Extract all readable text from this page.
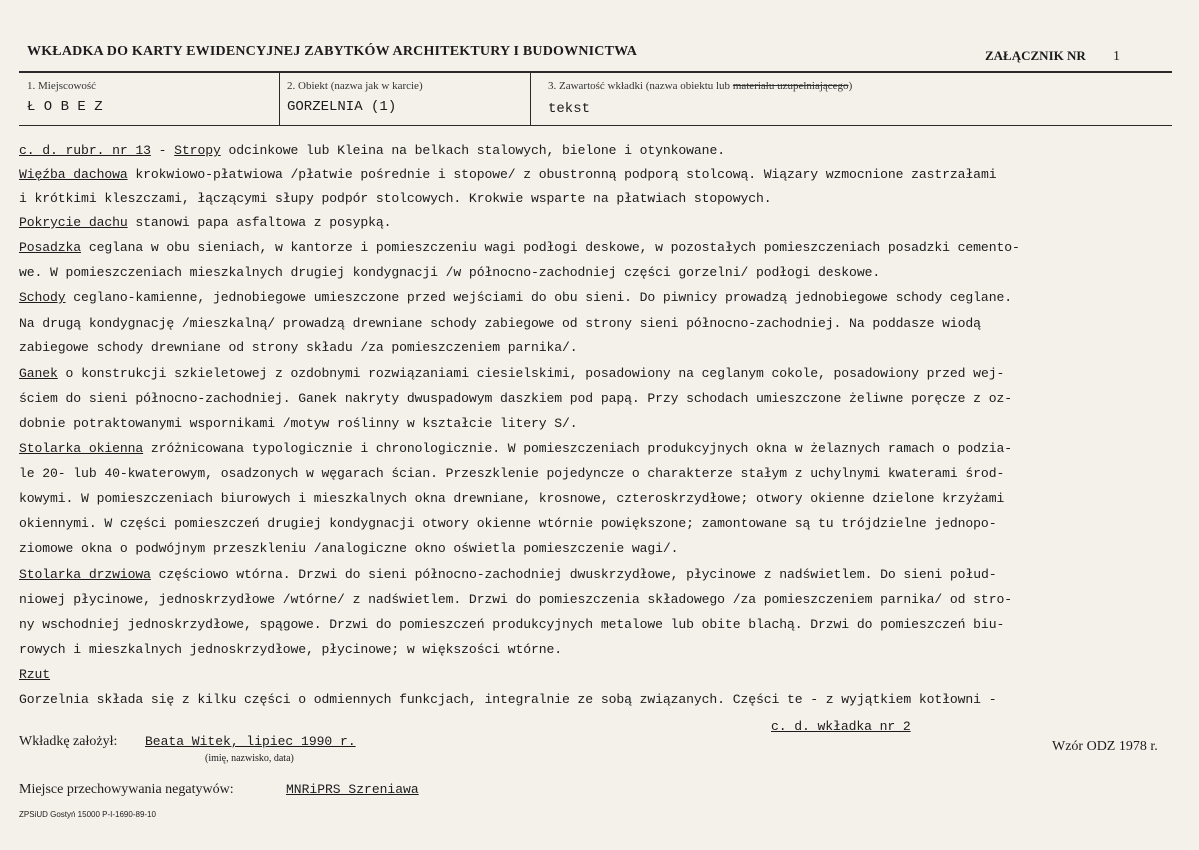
WKŁADKA DO KARTY EWIDENCYJNEJ ZABYTKÓW ARCHITEKTURY I BUDOWNICTWA	ZAŁĄCZNIK NR 1
1. Miejscowość
Ł O B E Z
2. Obiekt (nazwa jak w karcie)
GORZELNIA (1)
3. Zawartość wkładki (nazwa obiektu lub materiału uzupełniającego)
tekst
c. d. rubr. nr 13 - Stropy odcinkowe lub Kleina na belkach stalowych, bielone i otynkowane.
Więźba dachowa krokwiowo-płatwiowa /płatwie pośrednie i stopowe/ z obustronną podporą stolcową. Wiązary wzmocnione zastrzałami
i krótkimi kleszczami, łączącymi słupy podpór stolcowych. Krokwie wsparte na płatwiach stopowych.
Pokrycie dachu stanowi papa asfaltowa z posypką.
Posadzka ceglana w obu sieniach, w kantorze i pomieszczeniu wagi podłogi deskowe, w pozostałych pomieszczeniach posadzki cemento-
we. W pomieszczeniach mieszkalnych drugiej kondygnacji /w północno-zachodniej części gorzelni/ podłogi deskowe.
Schody ceglano-kamienne, jednobiegowe umieszczone przed wejściami do obu sieni. Do piwnicy prowadzą jednobiegowe schody ceglane.
Na drugą kondygnację /mieszkalną/ prowadzą drewniane schody zabiegowe od strony sieni północno-zachodniej. Na poddasze wiodą
zabiegowe schody drewniane od strony składu /za pomieszczeniem parnika/.
Ganek o konstrukcji szkieletowej z ozdobnymi rozwiązaniami ciesielskimi, posadowiony na ceglanym cokole, posadowiony przed wej-
ściem do sieni północno-zachodniej. Ganek nakryty dwuspadowym daszkiem pod papą. Przy schodach umieszczone żeliwne poręcze z oz-
dobnie potraktowanymi wspornikami /motyw roślinny w kształcie litery S/.
Stolarka okienna zróżnicowana typologicznie i chronologicznie. W pomieszczeniach produkcyjnych okna w żelaznych ramach o podzia-
le 20- lub 40-kwaterowym, osadzonych w węgarach ścian. Przeszklenie pojedyncze o charakterze stałym z uchylnymi kwaterami środ-
kowymi. W pomieszczeniach biurowych i mieszkalnych okna drewniane, krosnowe, czteroskrzydłowe; otwory okienne dzielone krzyżami
okiennymi. W części pomieszczeń drugiej kondygnacji otwory okienne wtórnie powiększone; zamontowane są tu trójdzielne jednopo-
ziomowe okna o podwójnym przeszkleniu /analogiczne okno oświetla pomieszczenie wagi/.
Stolarka drzwiowa częściowo wtórna. Drzwi do sieni północno-zachodniej dwuskrzydłowe, płycinowe z nadświetlem. Do sieni połud-
niowej płycinowe, jednoskrzydłowe /wtórne/ z nadświetlem. Drzwi do pomieszczenia składowego /za pomieszczeniem parnika/ od stro-
ny wschodniej jednoskrzydłowe, spągowe. Drzwi do pomieszczeń produkcyjnych metalowe lub obite blachą. Drzwi do pomieszczeń biu-
rowych i mieszkalnych jednoskrzydłowe, płycinowe; w większości wtórne.
Rzut
Gorzelnia składa się z kilku części o odmiennych funkcjach, integralnie ze sobą związanych. Części te - z wyjątkiem kotłowni -
c. d. wkładka nr 2
Wkładkę założył: Beata Witek, lipiec 1990 r.
(imię, nazwisko, data)
Wzór ODZ 1978 r.
Miejsce przechowywania negatywów:	MNRiPRS Szreniawa
ZPSiUD Gostyń 15000 P-I-1690-89-10
